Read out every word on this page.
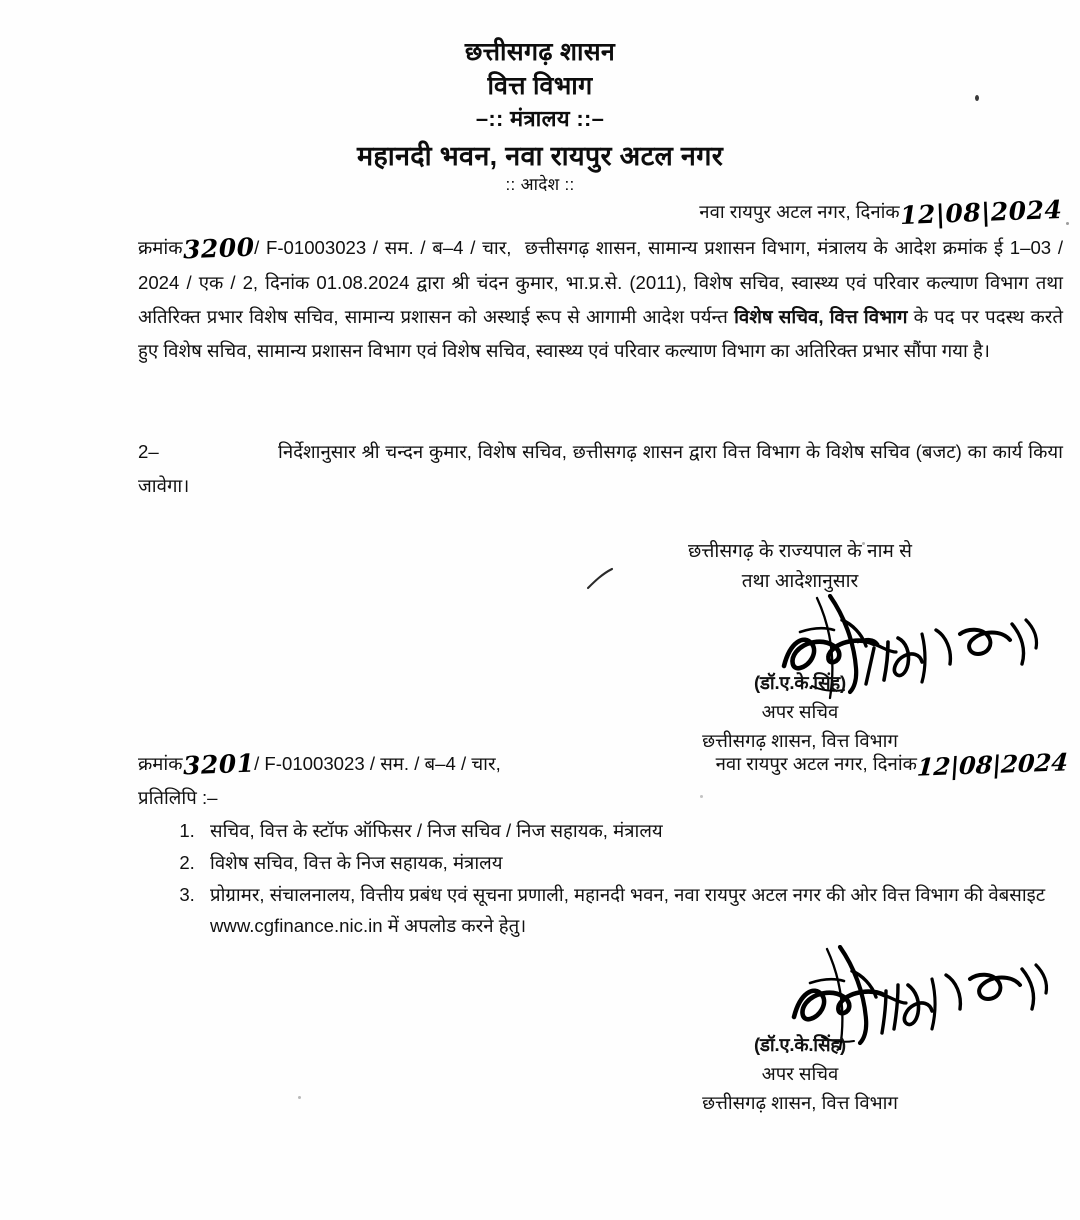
छत्तीसगढ़ शासन
वित्त विभाग
–:: मंत्रालय ::–
महानदी भवन, नवा रायपुर अटल नगर
:: आदेश ::
नवा रायपुर अटल नगर, दिनांक12|08|2024
क्रमांक3200/ F-01003023 / सम. / ब–4 / चार, छत्तीसगढ़ शासन, सामान्य प्रशासन विभाग, मंत्रालय के आदेश क्रमांक ई 1–03 / 2024 / एक / 2, दिनांक 01.08.2024 द्वारा श्री चंदन कुमार, भा.प्र.से. (2011), विशेष सचिव, स्वास्थ्य एवं परिवार कल्याण विभाग तथा अतिरिक्त प्रभार विशेष सचिव, सामान्य प्रशासन को अस्थाई रूप से आगामी आदेश पर्यन्त विशेष सचिव, वित्त विभाग के पद पर पदस्थ करते हुए विशेष सचिव, सामान्य प्रशासन विभाग एवं विशेष सचिव, स्वास्थ्य एवं परिवार कल्याण विभाग का अतिरिक्त प्रभार सौंपा गया है।
2–	निर्देशानुसार श्री चन्दन कुमार, विशेष सचिव, छत्तीसगढ़ शासन द्वारा वित्त विभाग के विशेष सचिव (बजट) का कार्य किया जावेगा।
छत्तीसगढ़ के राज्यपाल के नाम से
तथा आदेशानुसार
(डॉ.ए.के.सिंह)
अपर सचिव
छत्तीसगढ़ शासन, वित्त विभाग
क्रमांक3201/ F-01003023 / सम. / ब–4 / चार,	नवा रायपुर अटल नगर, दिनांक12|08|2024
प्रतिलिपि :–
1. सचिव, वित्त के स्टॉफ ऑफिसर / निज सचिव / निज सहायक, मंत्रालय
2. विशेष सचिव, वित्त के निज सहायक, मंत्रालय
3. प्रोग्रामर, संचालनालय, वित्तीय प्रबंध एवं सूचना प्रणाली, महानदी भवन, नवा रायपुर अटल नगर की ओर वित्त विभाग की वेबसाइट www.cgfinance.nic.in में अपलोड करने हेतु।
(डॉ.ए.के.सिंह)
अपर सचिव
छत्तीसगढ़ शासन, वित्त विभाग
